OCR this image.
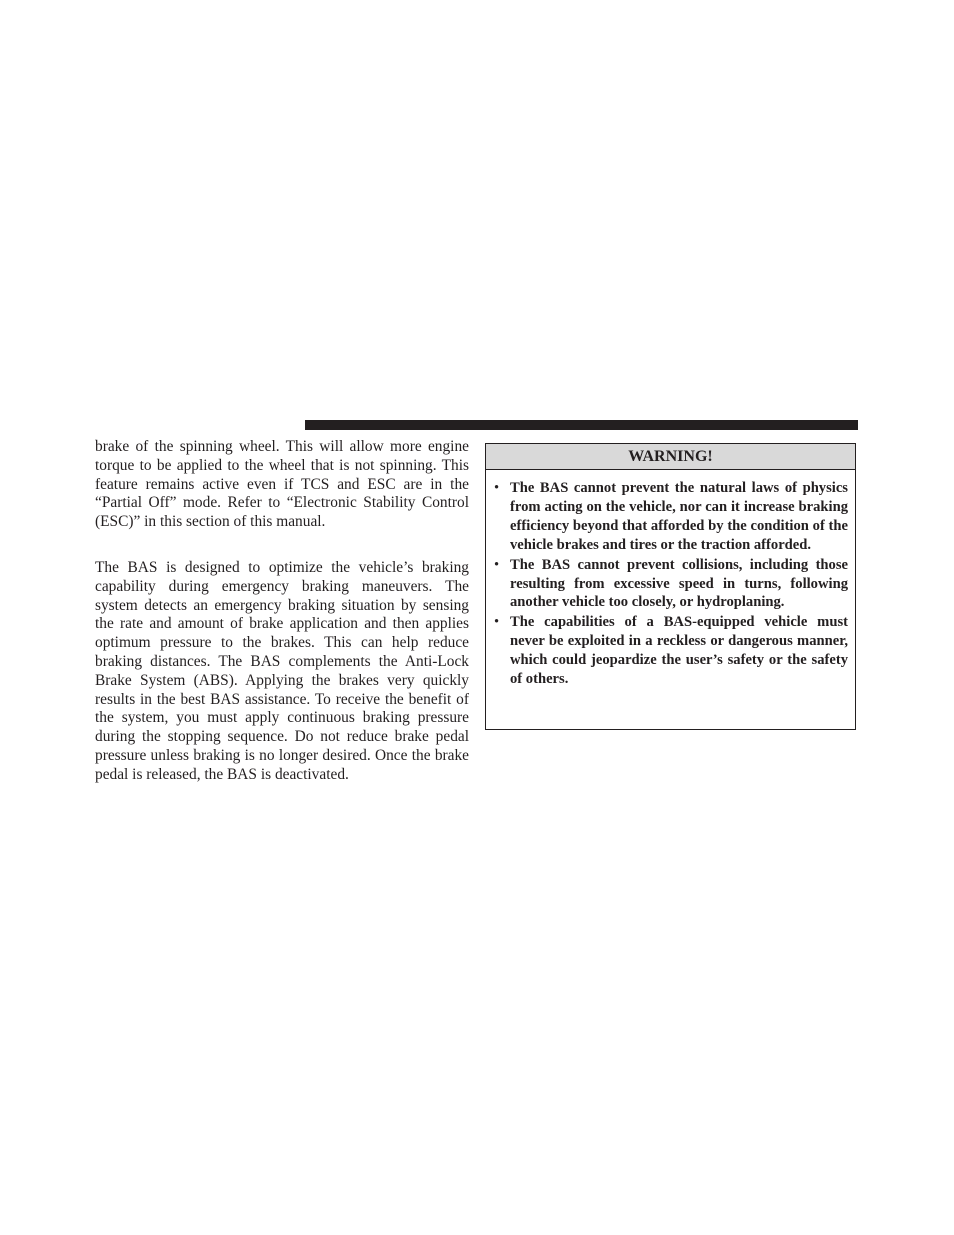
brake of the spinning wheel. This will allow more engine torque to be applied to the wheel that is not spinning. This feature remains active even if TCS and ESC are in the “Partial Off” mode. Refer to “Electronic Stability Control (ESC)” in this section of this manual.

The BAS is designed to optimize the vehicle’s braking capability during emergency braking maneuvers. The system detects an emergency braking situation by sensing the rate and amount of brake application and then applies optimum pressure to the brakes. This can help reduce braking distances. The BAS complements the Anti-Lock Brake System (ABS). Applying the brakes very quickly results in the best BAS assistance. To receive the benefit of the system, you must apply continuous braking pressure during the stopping sequence. Do not reduce brake pedal pressure unless braking is no longer desired. Once the brake pedal is released, the BAS is deactivated.

WARNING!
• The BAS cannot prevent the natural laws of physics from acting on the vehicle, nor can it increase braking efficiency beyond that afforded by the condition of the vehicle brakes and tires or the traction afforded.
• The BAS cannot prevent collisions, including those resulting from excessive speed in turns, following another vehicle too closely, or hydroplaning.
• The capabilities of a BAS-equipped vehicle must never be exploited in a reckless or dangerous manner, which could jeopardize the user’s safety or the safety of others.
